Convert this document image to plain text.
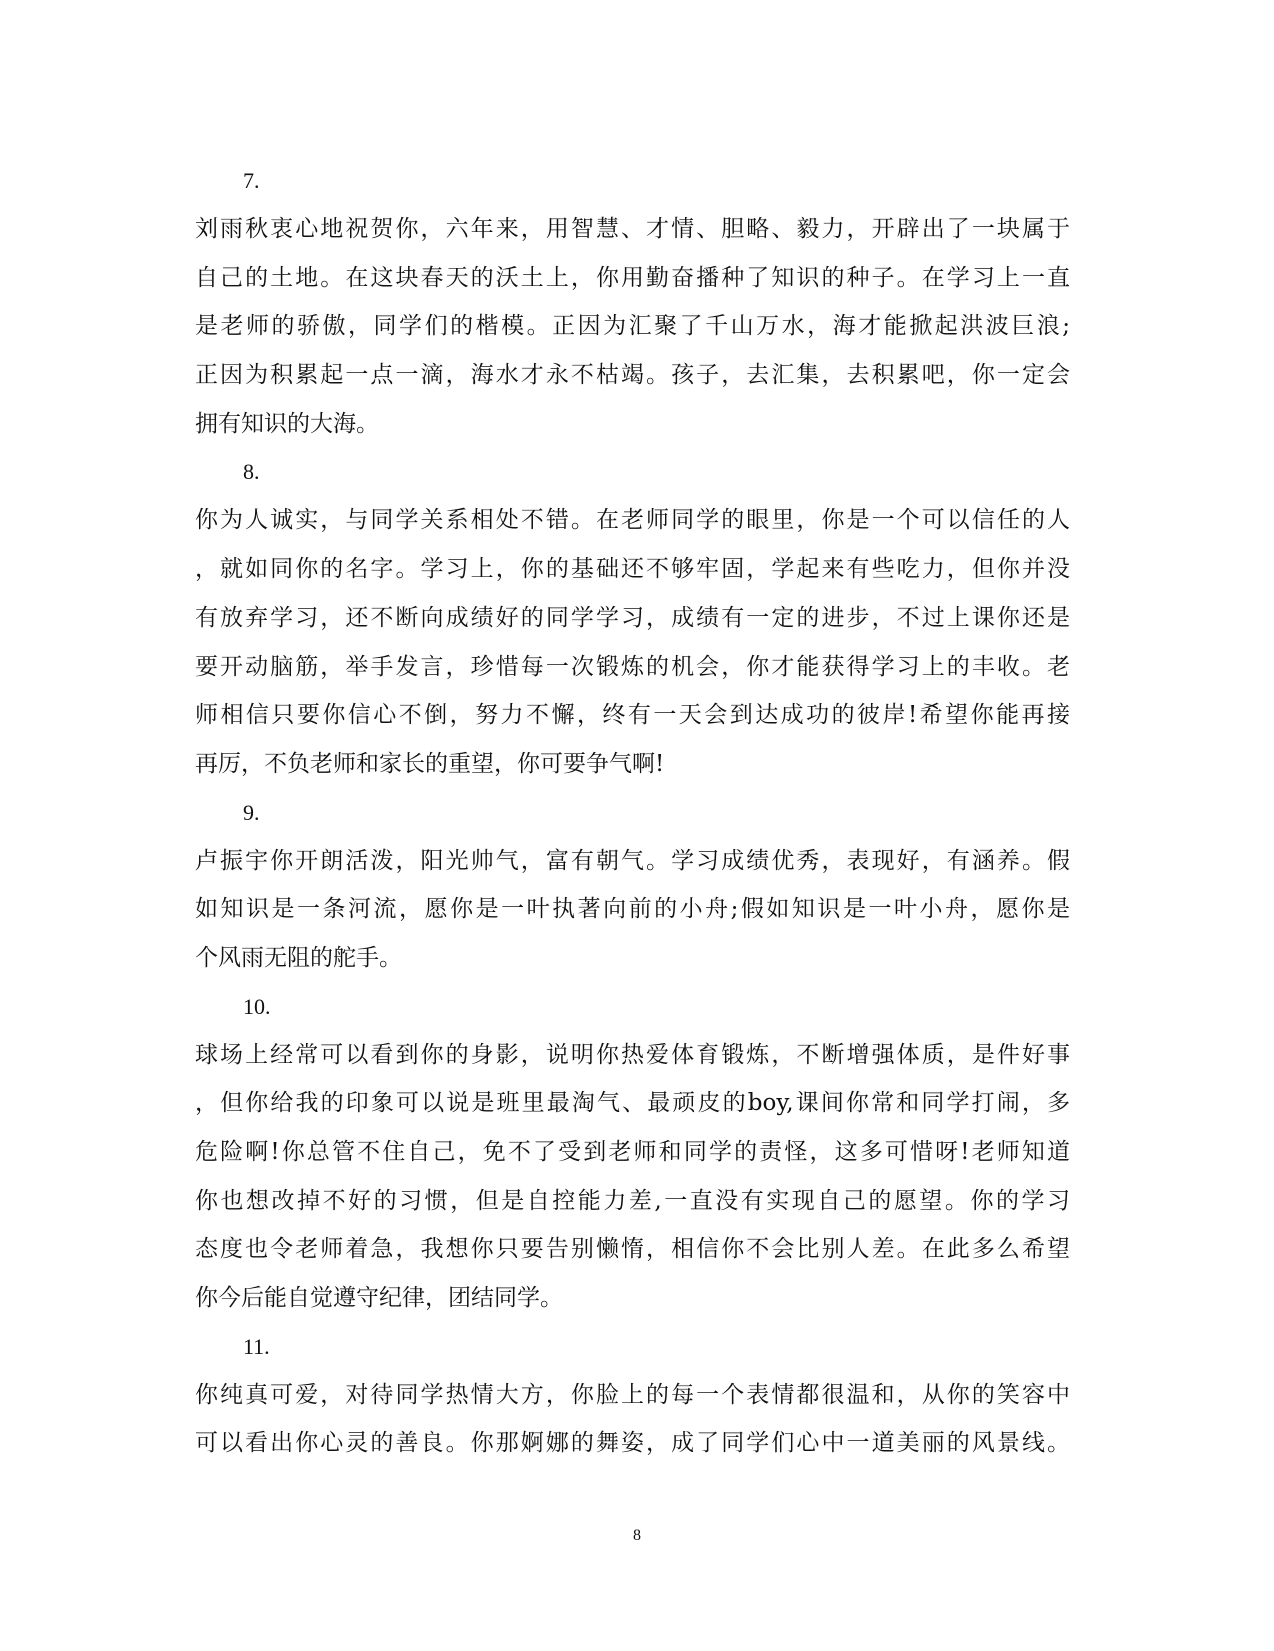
7.
刘雨秋衷心地祝贺你，六年来，用智慧、才情、胆略、毅力，开辟出了一块属于
自己的土地。在这块春天的沃土上，你用勤奋播种了知识的种子。在学习上一直
是老师的骄傲，同学们的楷模。正因为汇聚了千山万水，海才能掀起洪波巨浪;
正因为积累起一点一滴，海水才永不枯竭。孩子，去汇集，去积累吧，你一定会
拥有知识的大海。
8.
你为人诚实，与同学关系相处不错。在老师同学的眼里，你是一个可以信任的人
，就如同你的名字。学习上，你的基础还不够牢固，学起来有些吃力，但你并没
有放弃学习，还不断向成绩好的同学学习，成绩有一定的进步，不过上课你还是
要开动脑筋，举手发言，珍惜每一次锻炼的机会，你才能获得学习上的丰收。老
师相信只要你信心不倒，努力不懈，终有一天会到达成功的彼岸!希望你能再接
再厉，不负老师和家长的重望，你可要争气啊!
9.
卢振宇你开朗活泼，阳光帅气，富有朝气。学习成绩优秀，表现好，有涵养。假
如知识是一条河流，愿你是一叶执著向前的小舟;假如知识是一叶小舟，愿你是
个风雨无阻的舵手。
10.
球场上经常可以看到你的身影，说明你热爱体育锻炼，不断增强体质，是件好事
，但你给我的印象可以说是班里最淘气、最顽皮的boy,课间你常和同学打闹，多
危险啊!你总管不住自己，免不了受到老师和同学的责怪，这多可惜呀!老师知道
你也想改掉不好的习惯，但是自控能力差,一直没有实现自己的愿望。你的学习
态度也令老师着急，我想你只要告别懒惰，相信你不会比别人差。在此多么希望
你今后能自觉遵守纪律，团结同学。
11.
你纯真可爱，对待同学热情大方，你脸上的每一个表情都很温和，从你的笑容中
可以看出你心灵的善良。你那婀娜的舞姿，成了同学们心中一道美丽的风景线。
8
